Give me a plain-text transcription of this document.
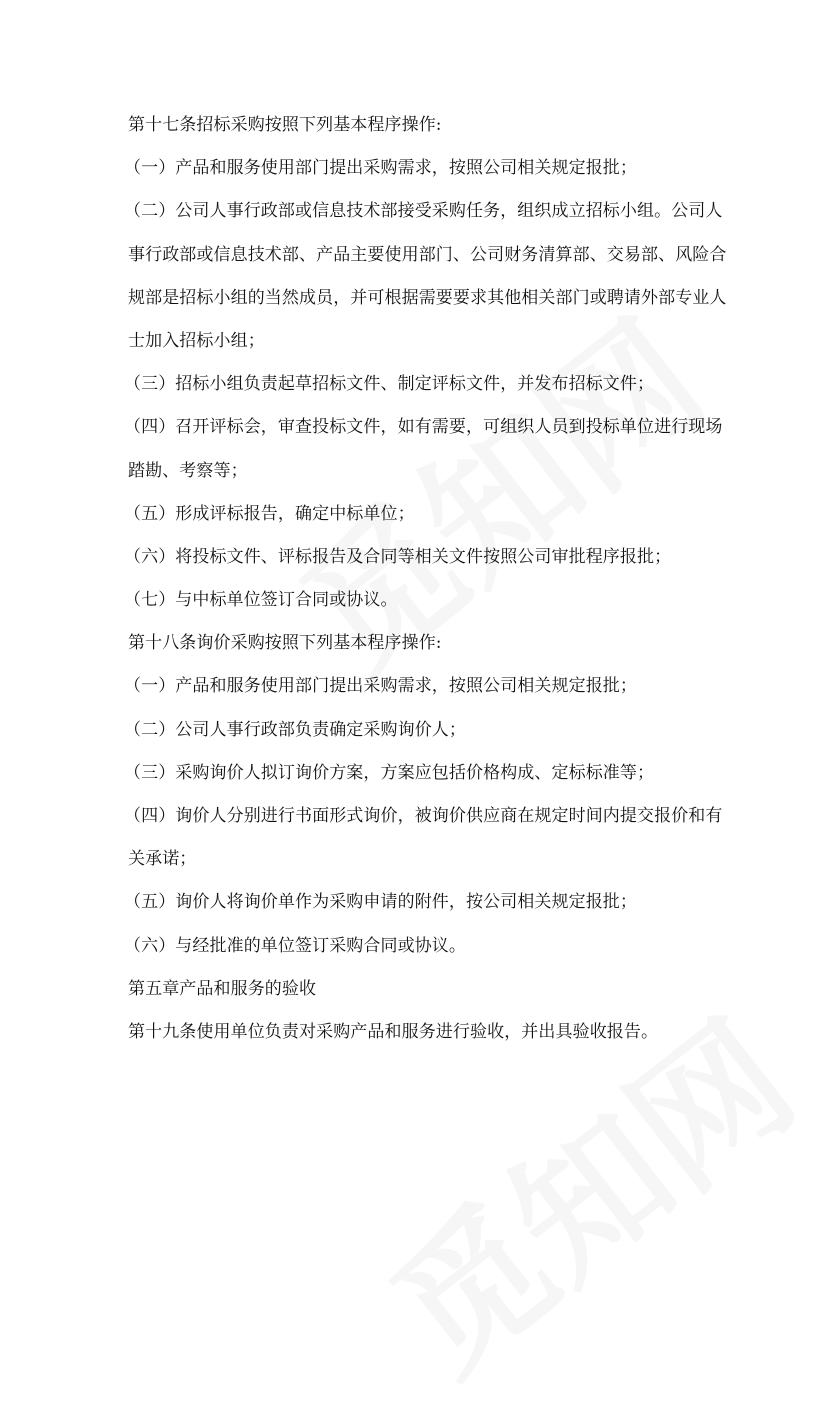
第十七条招标采购按照下列基本程序操作:
（一）产品和服务使用部门提出采购需求，按照公司相关规定报批；
（二）公司人事行政部或信息技术部接受采购任务，组织成立招标小组。公司人
事行政部或信息技术部、产品主要使用部门、公司财务清算部、交易部、风险合
规部是招标小组的当然成员，并可根据需要要求其他相关部门或聘请外部专业人
士加入招标小组；
（三）招标小组负责起草招标文件、制定评标文件，并发布招标文件；
（四）召开评标会，审查投标文件，如有需要，可组织人员到投标单位进行现场
踏勘、考察等；
（五）形成评标报告，确定中标单位；
（六）将投标文件、评标报告及合同等相关文件按照公司审批程序报批；
（七）与中标单位签订合同或协议。
第十八条询价采购按照下列基本程序操作:
（一）产品和服务使用部门提出采购需求，按照公司相关规定报批；
（二）公司人事行政部负责确定采购询价人；
（三）采购询价人拟订询价方案，方案应包括价格构成、定标标准等；
（四）询价人分别进行书面形式询价，被询价供应商在规定时间内提交报价和有
关承诺；
（五）询价人将询价单作为采购申请的附件，按公司相关规定报批；
（六）与经批准的单位签订采购合同或协议。
第五章产品和服务的验收
第十九条使用单位负责对采购产品和服务进行验收，并出具验收报告。
